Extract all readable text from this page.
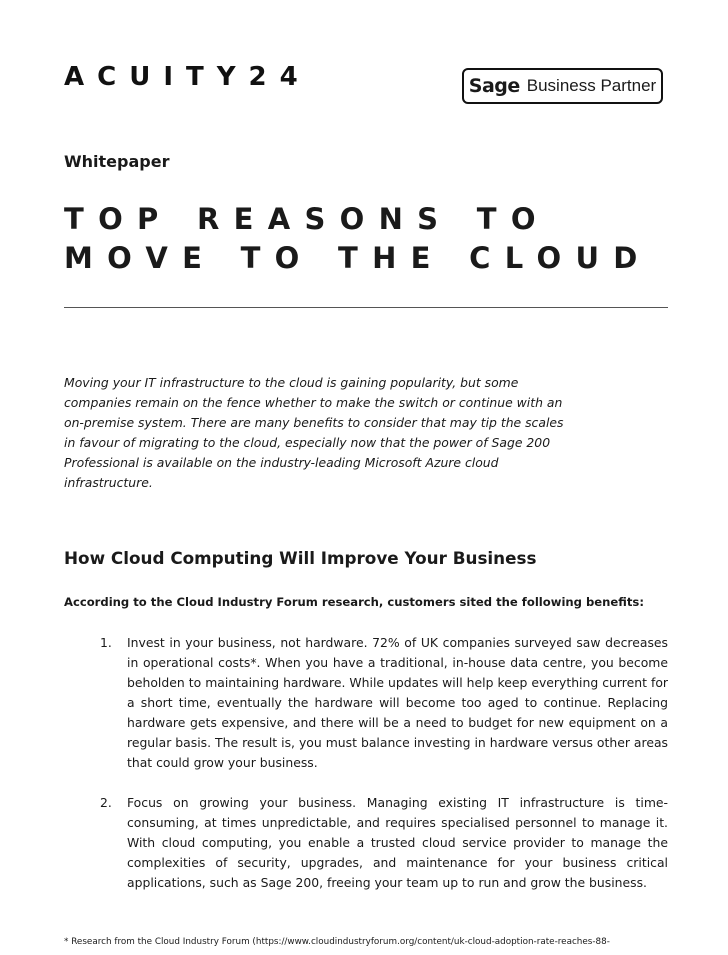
ACUITY24	Sage Business Partner
Whitepaper
TOP REASONS TO
MOVE TO THE CLOUD

Moving your IT infrastructure to the cloud is gaining popularity, but some companies remain on the fence whether to make the switch or continue with an on-premise system. There are many benefits to consider that may tip the scales in favour of migrating to the cloud, especially now that the power of Sage 200 Professional is available on the industry-leading Microsoft Azure cloud infrastructure.

How Cloud Computing Will Improve Your Business

According to the Cloud Industry Forum research, customers sited the following benefits:

1.	Invest in your business, not hardware. 72% of UK companies surveyed saw decreases in operational costs*. When you have a traditional, in-house data centre, you become beholden to maintaining hardware. While updates will help keep everything current for a short time, eventually the hardware will become too aged to continue. Replacing hardware gets expensive, and there will be a need to budget for new equipment on a regular basis. The result is, you must balance investing in hardware versus other areas that could grow your business.

2.	Focus on growing your business. Managing existing IT infrastructure is time-consuming, at times unpredictable, and requires specialised personnel to manage it. With cloud computing, you enable a trusted cloud service provider to manage the complexities of security, upgrades, and maintenance for your business critical applications, such as Sage 200, freeing your team up to run and grow the business.

* Research from the Cloud Industry Forum (https://www.cloudindustryforum.org/content/uk-cloud-adoption-rate-reaches-88-
